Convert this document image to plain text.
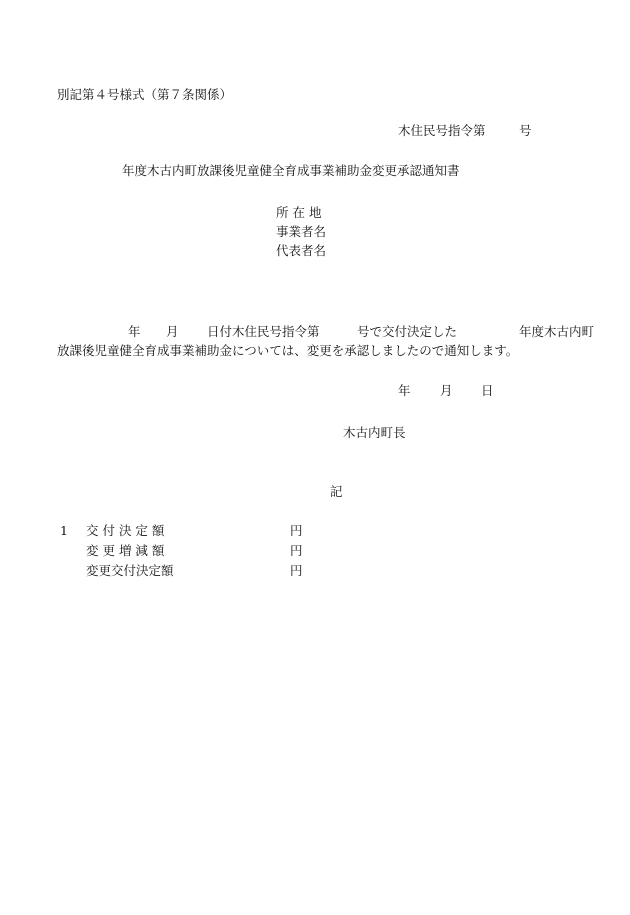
別記第４号様式（第７条関係）
木住民号指令第	号
年度木古内町放課後児童健全育成事業補助金変更承認通知書
所 在 地
事業者名
代表者名
年 月 日付木住民号指令第	号で交付決定した	年度木古内町
放課後児童健全育成事業補助金については、変更を承認しましたので通知します。
年 月 日
木古内町長
記
1 交 付 決 定 額	円
変 更 増 減 額	円
変更交付決定額	円
